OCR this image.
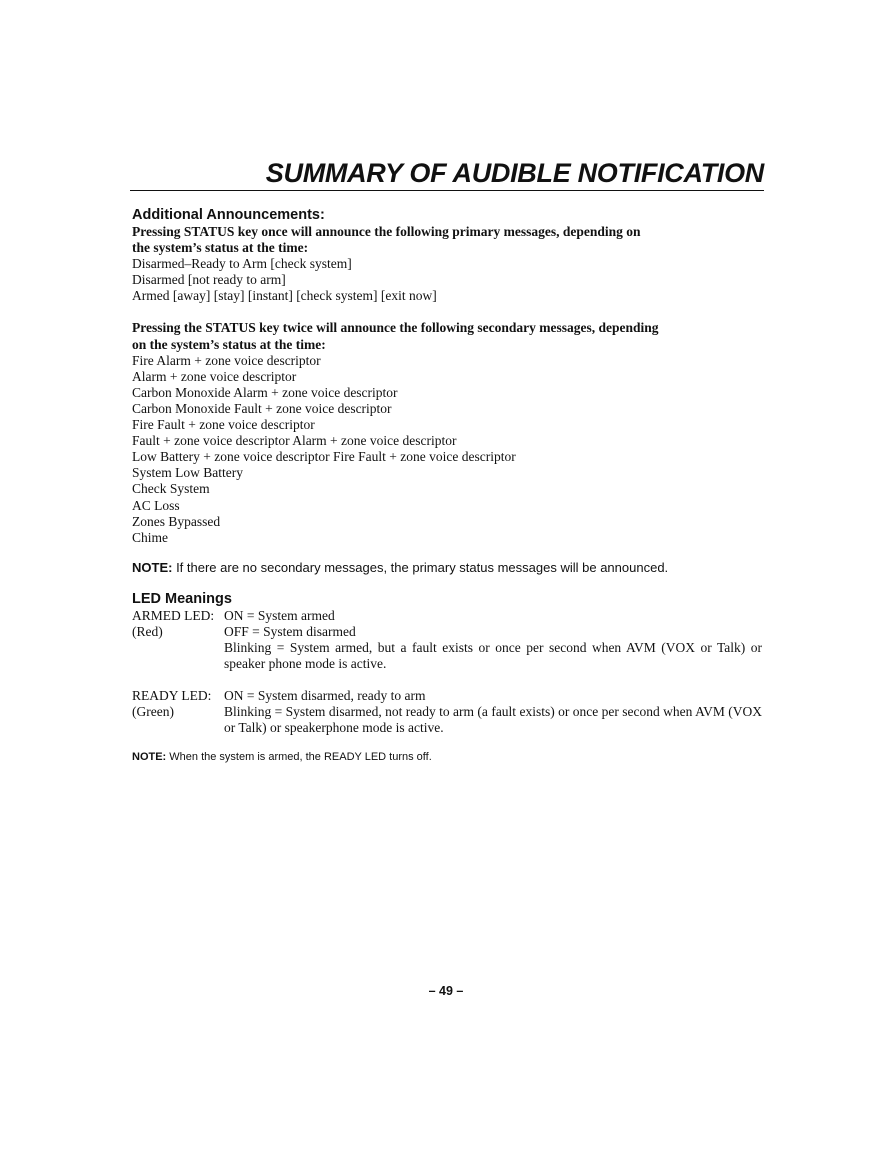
SUMMARY OF AUDIBLE NOTIFICATION
Additional Announcements:
Pressing STATUS key once will announce the following primary messages, depending on
the system’s status at the time:
Disarmed–Ready to Arm [check system]
Disarmed [not ready to arm]
Armed [away] [stay] [instant] [check system] [exit now]
Pressing the STATUS key twice will announce the following secondary messages, depending
on the system’s status at the time:
Fire Alarm + zone voice descriptor
Alarm + zone voice descriptor
Carbon Monoxide Alarm + zone voice descriptor
Carbon Monoxide Fault + zone voice descriptor
Fire Fault + zone voice descriptor
Fault + zone voice descriptor Alarm + zone voice descriptor
Low Battery + zone voice descriptor Fire Fault + zone voice descriptor
System Low Battery
Check System
AC Loss
Zones Bypassed
Chime
NOTE: If there are no secondary messages, the primary status messages will be announced.
LED Meanings
ARMED LED:
(Red)
ON = System armed
OFF = System disarmed
Blinking = System armed, but a fault exists or once per second when AVM (VOX or Talk) or speaker phone mode is active.
READY LED:
(Green)
ON = System disarmed, ready to arm
Blinking = System disarmed, not ready to arm (a fault exists) or once per second when AVM (VOX or Talk) or speakerphone mode is active.
NOTE: When the system is armed, the READY LED turns off.
– 49 –
